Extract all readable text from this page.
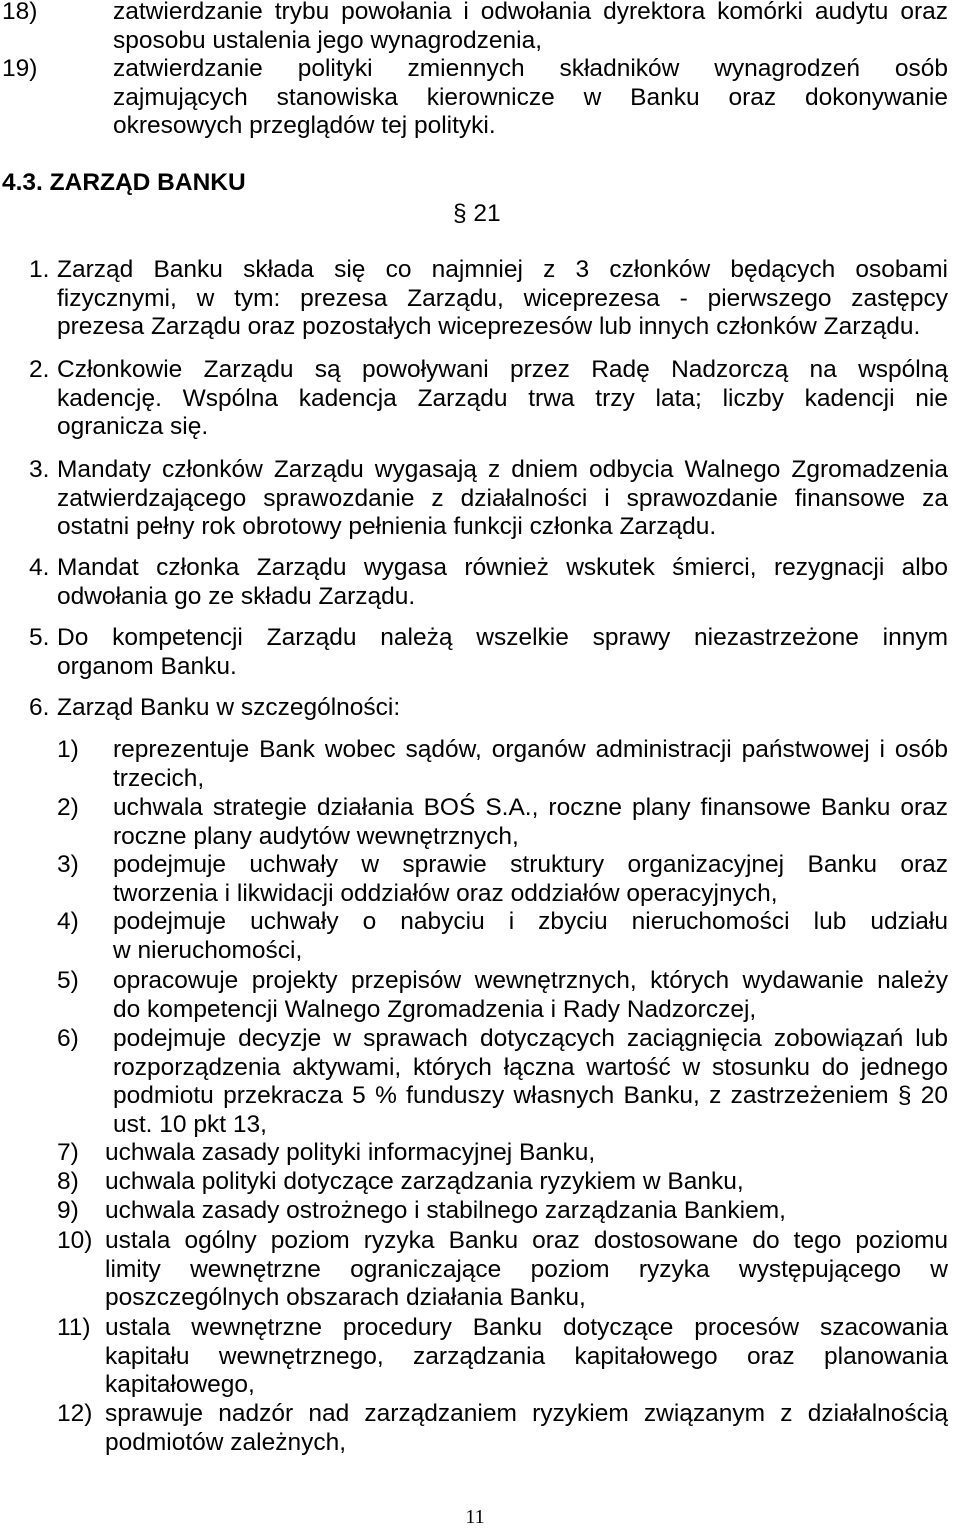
18)	zatwierdzanie trybu powołania i odwołania dyrektora komórki audytu oraz
sposobu ustalenia jego wynagrodzenia,
19)	zatwierdzanie polityki zmiennych składników wynagrodzeń osób
zajmujących stanowiska kierownicze w Banku oraz dokonywanie
okresowych przeglądów tej polityki.
4.3. ZARZĄD BANKU
§ 21
1. Zarząd Banku składa się co najmniej z 3 członków będących osobami
fizycznymi, w tym: prezesa Zarządu, wiceprezesa - pierwszego zastępcy
prezesa Zarządu oraz pozostałych wiceprezesów lub innych członków Zarządu.
2. Członkowie Zarządu są powoływani przez Radę Nadzorczą na wspólną
kadencję. Wspólna kadencja Zarządu trwa trzy lata; liczby kadencji nie
ogranicza się.
3. Mandaty członków Zarządu wygasają z dniem odbycia Walnego Zgromadzenia
zatwierdzającego sprawozdanie z działalności i sprawozdanie finansowe za
ostatni pełny rok obrotowy pełnienia funkcji członka Zarządu.
4. Mandat członka Zarządu wygasa również wskutek śmierci, rezygnacji albo
odwołania go ze składu Zarządu.
5. Do kompetencji Zarządu należą wszelkie sprawy niezastrzeżone innym
organom Banku.
6. Zarząd Banku w szczególności:
1) reprezentuje Bank wobec sądów, organów administracji państwowej i osób
trzecich,
2) uchwala strategie działania BOŚ S.A., roczne plany finansowe Banku oraz
roczne plany audytów wewnętrznych,
3) podejmuje uchwały w sprawie struktury organizacyjnej Banku oraz
tworzenia i likwidacji oddziałów oraz oddziałów operacyjnych,
4) podejmuje uchwały o nabyciu i zbyciu nieruchomości lub udziału
w nieruchomości,
5) opracowuje projekty przepisów wewnętrznych, których wydawanie należy
do kompetencji Walnego Zgromadzenia i Rady Nadzorczej,
6) podejmuje decyzje w sprawach dotyczących zaciągnięcia zobowiązań lub
rozporządzenia aktywami, których łączna wartość w stosunku do jednego
podmiotu przekracza 5 % funduszy własnych Banku, z zastrzeżeniem § 20
ust. 10 pkt 13,
7) uchwala zasady polityki informacyjnej Banku,
8) uchwala polityki dotyczące zarządzania ryzykiem w Banku,
9) uchwala zasady ostrożnego i stabilnego zarządzania Bankiem,
10) ustala ogólny poziom ryzyka Banku oraz dostosowane do tego poziomu
limity wewnętrzne ograniczające poziom ryzyka występującego w
poszczególnych obszarach działania Banku,
11) ustala wewnętrzne procedury Banku dotyczące procesów szacowania
kapitału wewnętrznego, zarządzania kapitałowego oraz planowania
kapitałowego,
12) sprawuje nadzór nad zarządzaniem ryzykiem związanym z działalnością
podmiotów zależnych,
11
